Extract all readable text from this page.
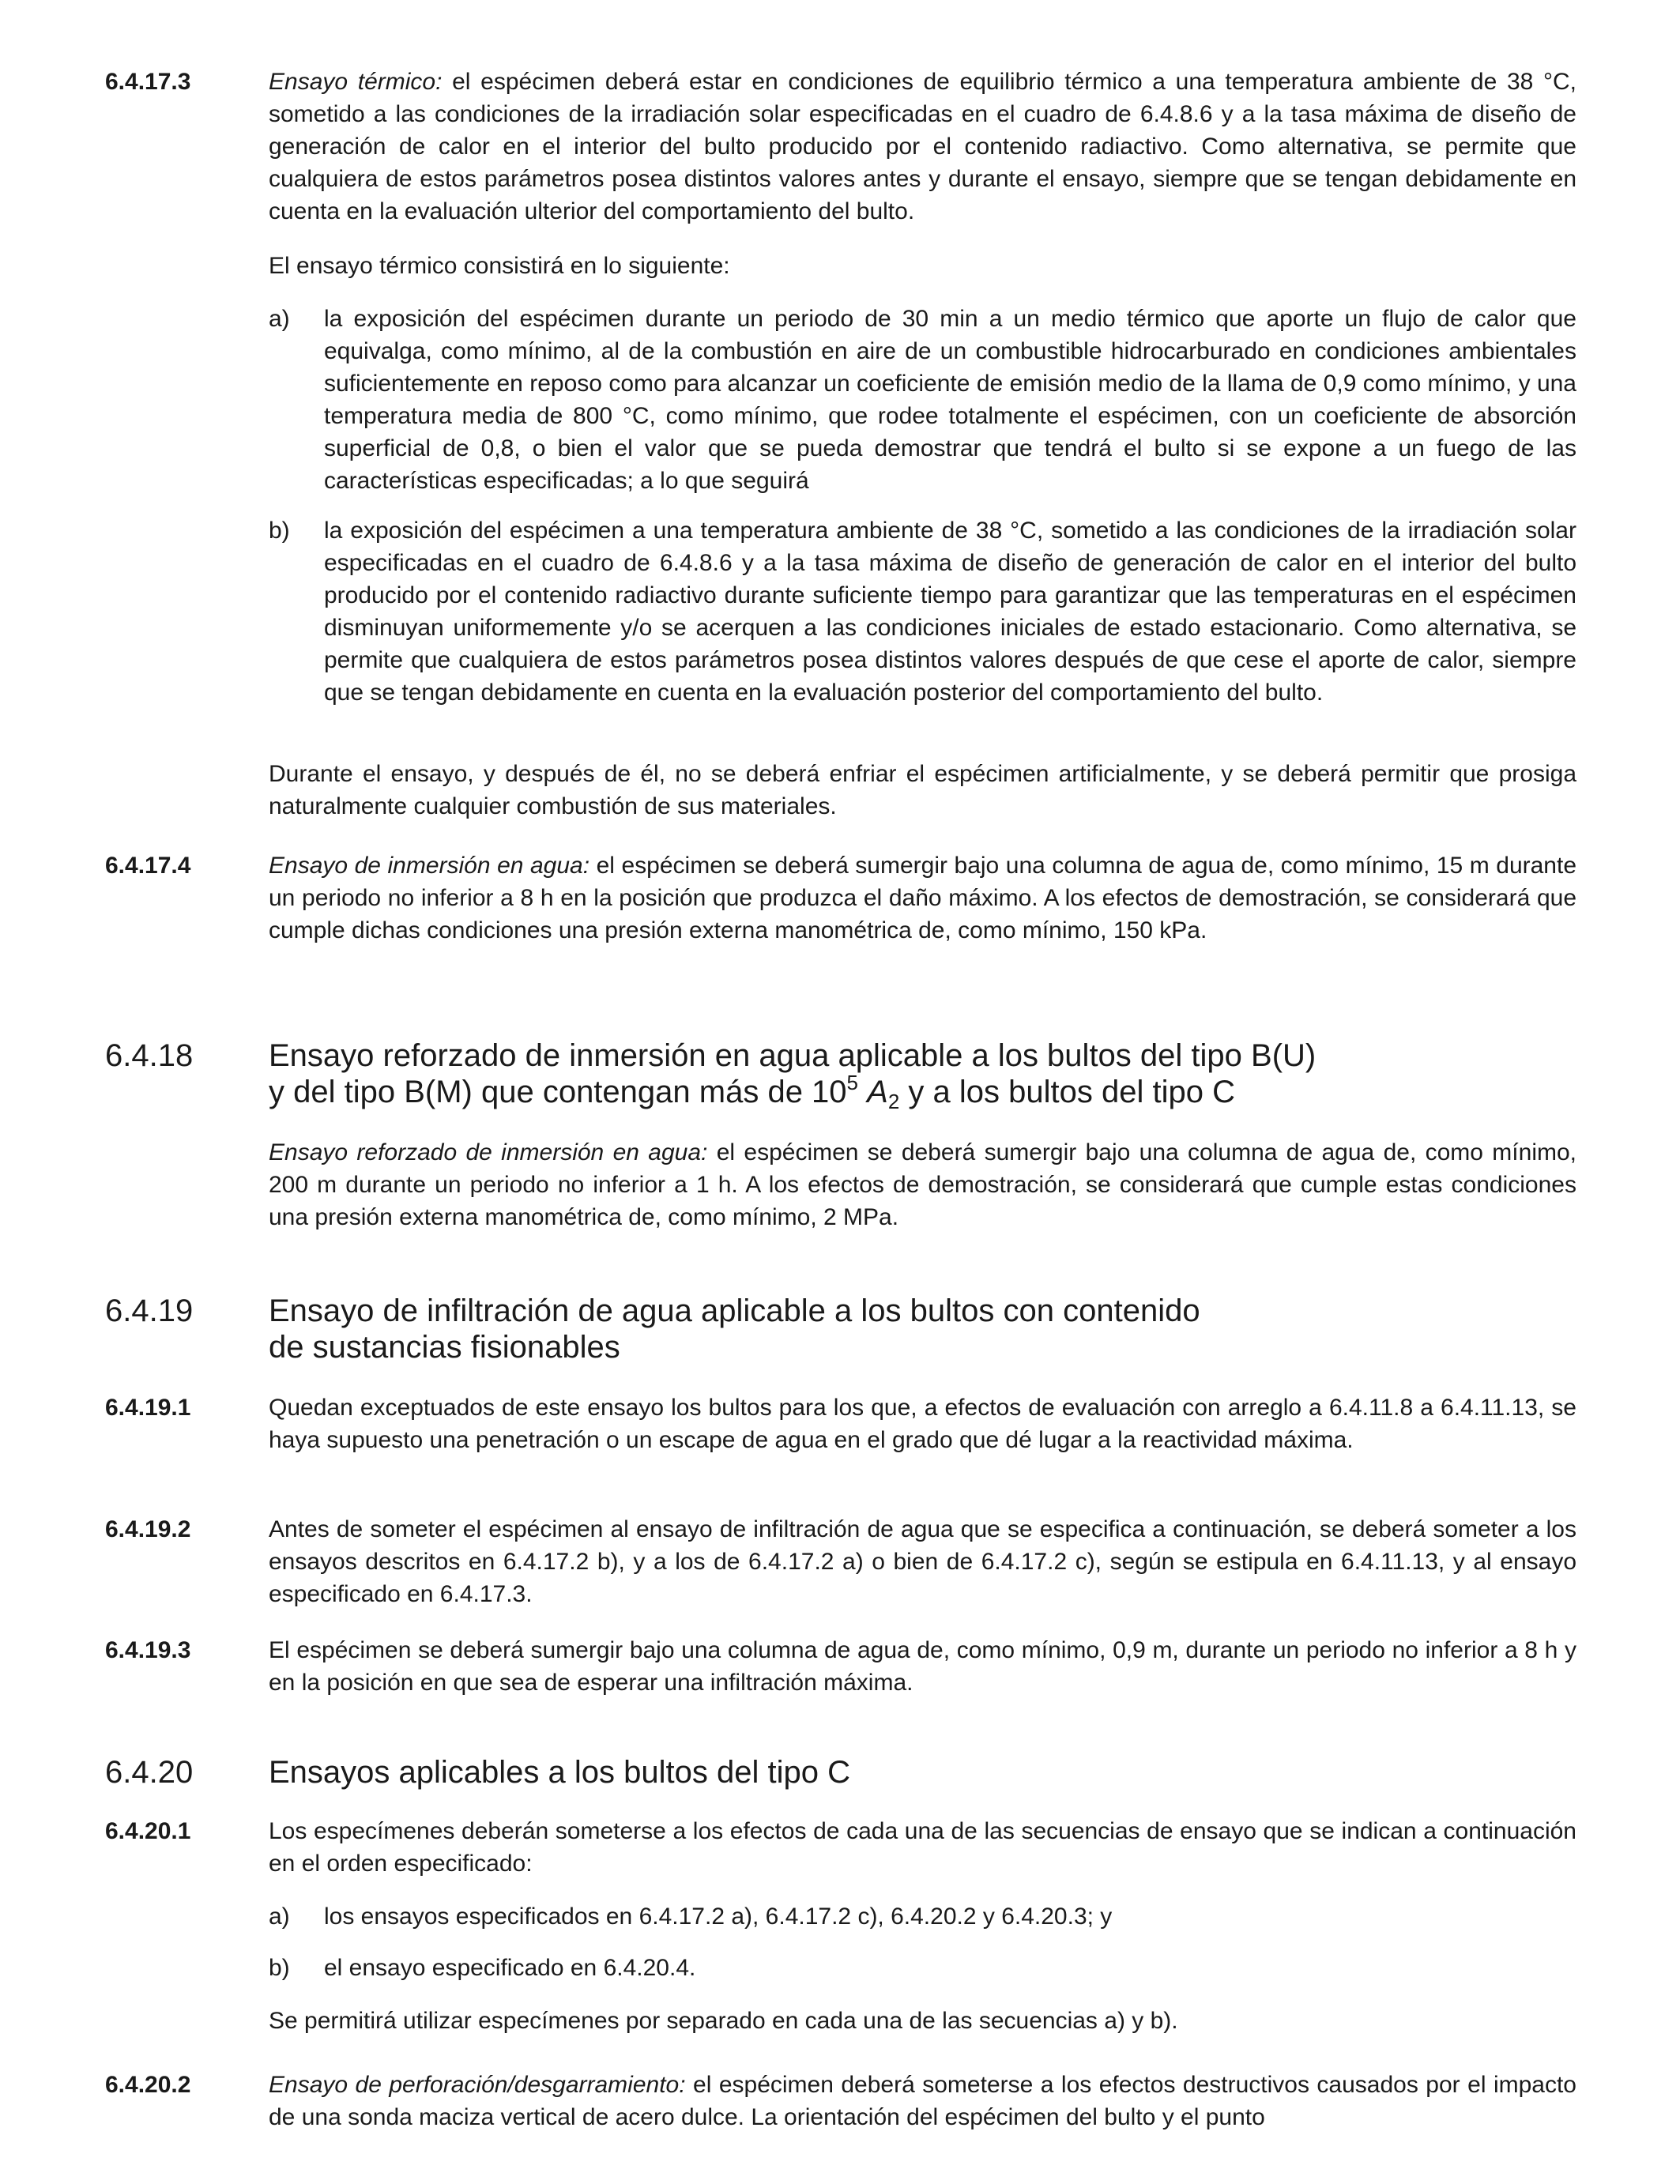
6.4.17.3	Ensayo térmico: el espécimen deberá estar en condiciones de equilibrio térmico a una temperatura ambiente de 38 °C, sometido a las condiciones de la irradiación solar especificadas en el cuadro de 6.4.8.6 y a la tasa máxima de diseño de generación de calor en el interior del bulto producido por el contenido radiactivo. Como alternativa, se permite que cualquiera de estos parámetros posea distintos valores antes y durante el ensayo, siempre que se tengan debidamente en cuenta en la evaluación ulterior del comportamiento del bulto.
El ensayo térmico consistirá en lo siguiente:
a) la exposición del espécimen durante un periodo de 30 min a un medio térmico que aporte un flujo de calor que equivalga, como mínimo, al de la combustión en aire de un combustible hidrocarburado en condiciones ambientales suficientemente en reposo como para alcanzar un coeficiente de emisión medio de la llama de 0,9 como mínimo, y una temperatura media de 800 °C, como mínimo, que rodee totalmente el espécimen, con un coeficiente de absorción superficial de 0,8, o bien el valor que se pueda demostrar que tendrá el bulto si se expone a un fuego de las características especificadas; a lo que seguirá
b) la exposición del espécimen a una temperatura ambiente de 38 °C, sometido a las condiciones de la irradiación solar especificadas en el cuadro de 6.4.8.6 y a la tasa máxima de diseño de generación de calor en el interior del bulto producido por el contenido radiactivo durante suficiente tiempo para garantizar que las temperaturas en el espécimen disminuyan uniformemente y/o se acerquen a las condiciones iniciales de estado estacionario. Como alternativa, se permite que cualquiera de estos parámetros posea distintos valores después de que cese el aporte de calor, siempre que se tengan debidamente en cuenta en la evaluación posterior del comportamiento del bulto.
Durante el ensayo, y después de él, no se deberá enfriar el espécimen artificialmente, y se deberá permitir que prosiga naturalmente cualquier combustión de sus materiales.
6.4.17.4	Ensayo de inmersión en agua: el espécimen se deberá sumergir bajo una columna de agua de, como mínimo, 15 m durante un periodo no inferior a 8 h en la posición que produzca el daño máximo. A los efectos de demostración, se considerará que cumple dichas condiciones una presión externa manométrica de, como mínimo, 150 kPa.
6.4.18 Ensayo reforzado de inmersión en agua aplicable a los bultos del tipo B(U)
y del tipo B(M) que contengan más de $10^5$ $A_2$ y a los bultos del tipo C
Ensayo reforzado de inmersión en agua: el espécimen se deberá sumergir bajo una columna de agua de, como mínimo, 200 m durante un periodo no inferior a 1 h. A los efectos de demostración, se considerará que cumple estas condiciones una presión externa manométrica de, como mínimo, 2 MPa.
6.4.19 Ensayo de infiltración de agua aplicable a los bultos con contenido
de sustancias fisionables
6.4.19.1	Quedan exceptuados de este ensayo los bultos para los que, a efectos de evaluación con arreglo a 6.4.11.8 a 6.4.11.13, se haya supuesto una penetración o un escape de agua en el grado que dé lugar a la reactividad máxima.
6.4.19.2	Antes de someter el espécimen al ensayo de infiltración de agua que se especifica a continuación, se deberá someter a los ensayos descritos en 6.4.17.2 b), y a los de 6.4.17.2 a) o bien de 6.4.17.2 c), según se estipula en 6.4.11.13, y al ensayo especificado en 6.4.17.3.
6.4.19.3	El espécimen se deberá sumergir bajo una columna de agua de, como mínimo, 0,9 m, durante un periodo no inferior a 8 h y en la posición en que sea de esperar una infiltración máxima.
6.4.20 Ensayos aplicables a los bultos del tipo C
6.4.20.1	Los especímenes deberán someterse a los efectos de cada una de las secuencias de ensayo que se indican a continuación en el orden especificado:
a) los ensayos especificados en 6.4.17.2 a), 6.4.17.2 c), 6.4.20.2 y 6.4.20.3; y
b) el ensayo especificado en 6.4.20.4.
Se permitirá utilizar especímenes por separado en cada una de las secuencias a) y b).
6.4.20.2	Ensayo de perforación/desgarramiento: el espécimen deberá someterse a los efectos destructivos causados por el impacto de una sonda maciza vertical de acero dulce. La orientación del espécimen del bulto y el punto
